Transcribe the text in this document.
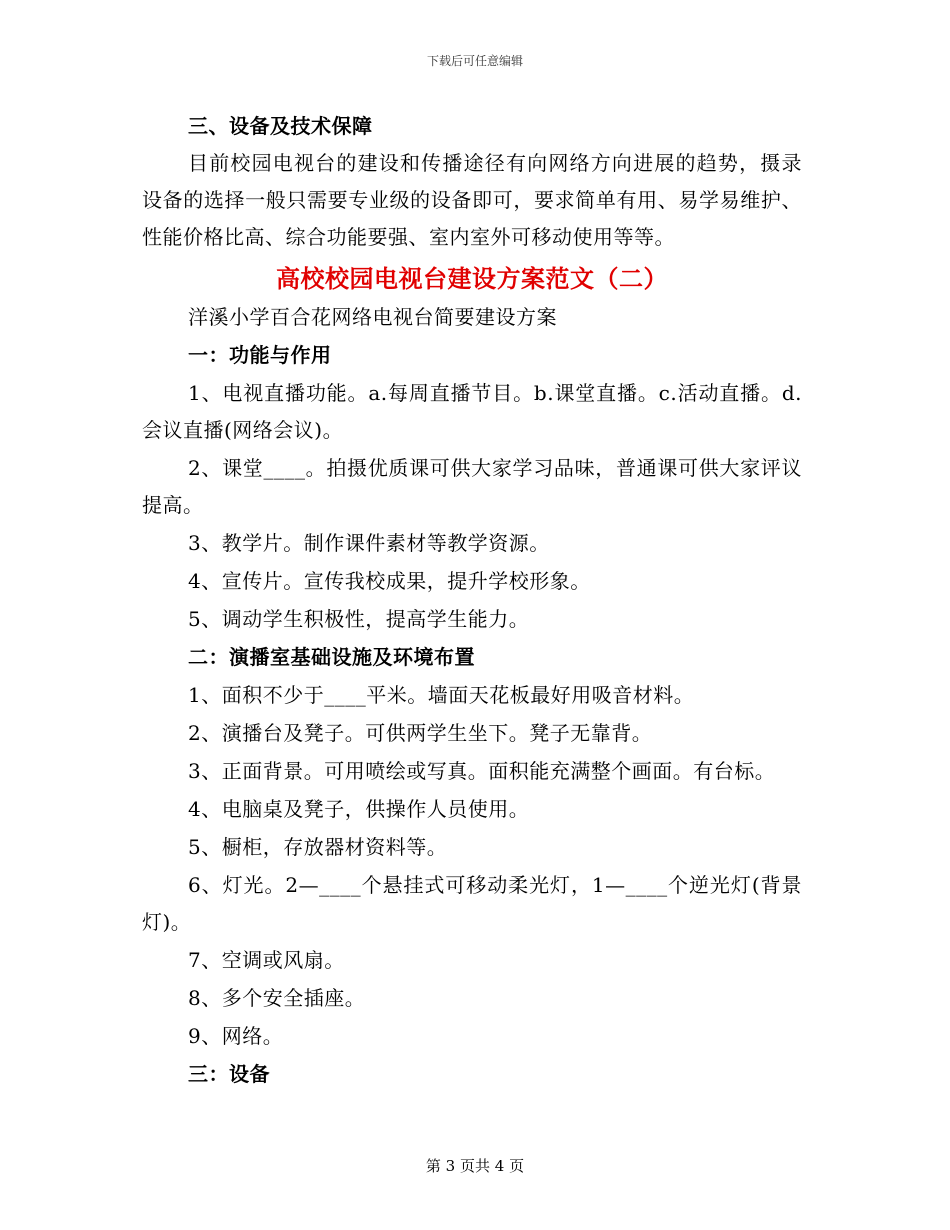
下载后可任意编辑

三、设备及技术保障

目前校园电视台的建设和传播途径有向网络方向进展的趋势，摄录设备的选择一般只需要专业级的设备即可，要求简单有用、易学易维护、性能价格比高、综合功能要强、室内室外可移动使用等等。

高校校园电视台建设方案范文（二）

洋溪小学百合花网络电视台简要建设方案

一：功能与作用

1、电视直播功能。a.每周直播节目。b.课堂直播。c.活动直播。d.会议直播(网络会议)。

2、课堂____。拍摄优质课可供大家学习品味，普通课可供大家评议提高。

3、教学片。制作课件素材等教学资源。

4、宣传片。宣传我校成果，提升学校形象。

5、调动学生积极性，提高学生能力。

二：演播室基础设施及环境布置

1、面积不少于____平米。墙面天花板最好用吸音材料。

2、演播台及凳子。可供两学生坐下。凳子无靠背。

3、正面背景。可用喷绘或写真。面积能充满整个画面。有台标。

4、电脑桌及凳子，供操作人员使用。

5、橱柜，存放器材资料等。

6、灯光。2—____个悬挂式可移动柔光灯，1—____个逆光灯(背景灯)。

7、空调或风扇。

8、多个安全插座。

9、网络。

三：设备

第 3 页共 4 页
